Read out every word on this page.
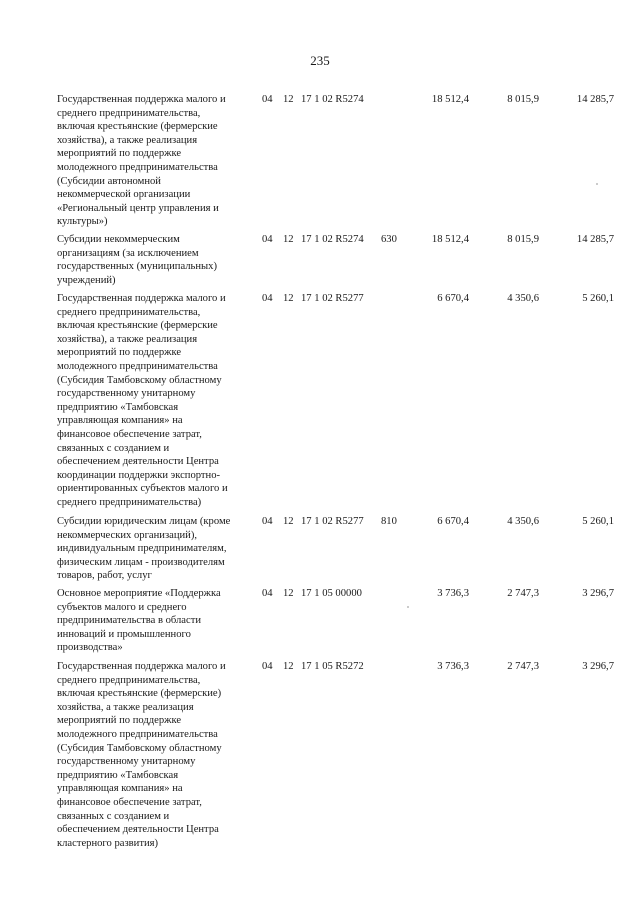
235
Государственная поддержка малого и
среднего предпринимательства,
включая крестьянские (фермерские
хозяйства), а также реализация
мероприятий по поддержке
молодежного предпринимательства
(Субсидии автономной
некоммерческой организации
«Региональный центр управления и
культуры»)
04 12 17 1 02 R5274	18 512,4	8 015,9	14 285,7
Субсидии некоммерческим
организациям (за исключением
государственных (муниципальных)
учреждений)
04 12 17 1 02 R5274 630	18 512,4	8 015,9	14 285,7
Государственная поддержка малого и
среднего предпринимательства,
включая крестьянские (фермерские
хозяйства), а также реализация
мероприятий по поддержке
молодежного предпринимательства
(Субсидия Тамбовскому областному
государственному унитарному
предприятию «Тамбовская
управляющая компания» на
финансовое обеспечение затрат,
связанных с созданием и
обеспечением деятельности Центра
координации поддержки экспортно-
ориентированных субъектов малого и
среднего предпринимательства)
04 12 17 1 02 R5277	6 670,4	4 350,6	5 260,1
Субсидии юридическим лицам (кроме
некоммерческих организаций),
индивидуальным предпринимателям,
физическим лицам - производителям
товаров, работ, услуг
04 12 17 1 02 R5277 810	6 670,4	4 350,6	5 260,1
Основное мероприятие «Поддержка
субъектов малого и среднего
предпринимательства в области
инноваций и промышленного
производства»
04 12 17 1 05 00000	3 736,3	2 747,3	3 296,7
Государственная поддержка малого и
среднего предпринимательства,
включая крестьянские (фермерские)
хозяйства, а также реализация
мероприятий по поддержке
молодежного предпринимательства
(Субсидия Тамбовскому областному
государственному унитарному
предприятию «Тамбовская
управляющая компания» на
финансовое обеспечение затрат,
связанных с созданием и
обеспечением деятельности Центра
кластерного развития)
04 12 17 1 05 R5272	3 736,3	2 747,3	3 296,7
